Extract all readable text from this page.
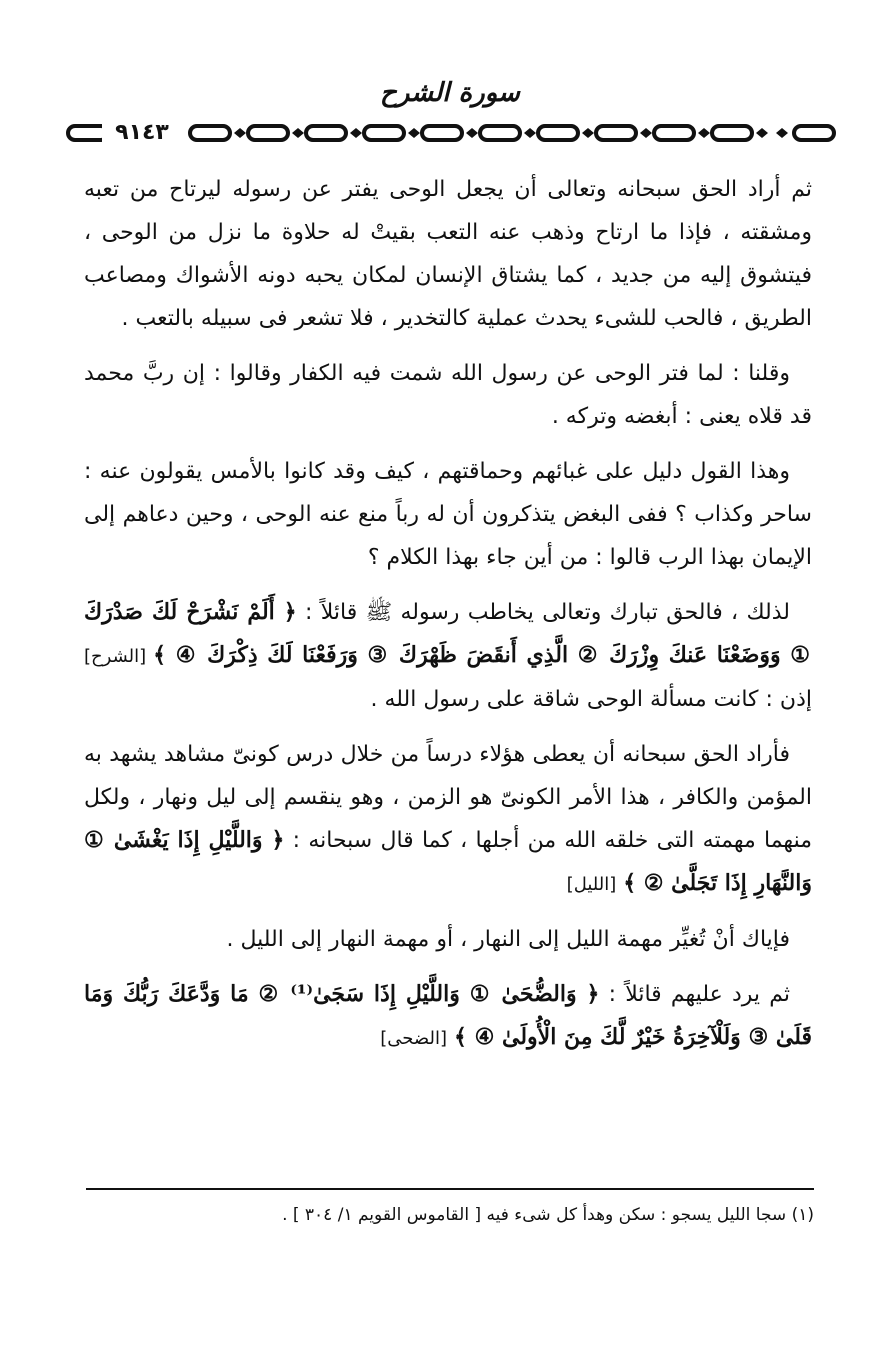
سورة الشرح
٩١٤٣

ثم أراد الحق سبحانه وتعالى أن يجعل الوحى يفتر عن رسوله ليرتاح من تعبه ومشقته ، فإذا ما ارتاح وذهب عنه التعب بقيتْ له حلاوة ما نزل من الوحى ، فيتشوق إليه من جديد ، كما يشتاق الإنسان لمكان يحبه دونه الأشواك ومصاعب الطريق ، فالحب للشىء يحدث عملية كالتخدير ، فلا تشعر فى سبيله بالتعب .

وقلنا : لما فتر الوحى عن رسول الله شمت فيه الكفار وقالوا : إن ربَّ محمد قد قلاه يعنى : أبغضه وتركه .

وهذا القول دليل على غبائهم وحماقتهم ، كيف وقد كانوا بالأمس يقولون عنه : ساحر وكذاب ؟ ففى البغض يتذكرون أن له رباً منع عنه الوحى ، وحين دعاهم إلى الإيمان بهذا الرب قالوا : من أين جاء بهذا الكلام ؟

لذلك ، فالحق تبارك وتعالى يخاطب رسوله ﷺ قائلاً : ﴿ أَلَمْ نَشْرَحْ لَكَ صَدْرَكَ ① وَوَضَعْنَا عَنكَ وِزْرَكَ ② الَّذِي أَنقَضَ ظَهْرَكَ ③ وَرَفَعْنَا لَكَ ذِكْرَكَ ④ ﴾ [الشرح] إذن : كانت مسألة الوحى شاقة على رسول الله .

فأراد الحق سبحانه أن يعطى هؤلاء درساً من خلال درس كونىّ مشاهد يشهد به المؤمن والكافر ، هذا الأمر الكونىّ هو الزمن ، وهو ينقسم إلى ليل ونهار ، ولكل منهما مهمته التى خلقه الله من أجلها ، كما قال سبحانه : ﴿ وَاللَّيْلِ إِذَا يَغْشَىٰ ① وَالنَّهَارِ إِذَا تَجَلَّىٰ ② ﴾ [الليل]

فإياك أنْ تُغيِّر مهمة الليل إلى النهار ، أو مهمة النهار إلى الليل .

ثم يرد عليهم قائلاً : ﴿ وَالضُّحَىٰ ① وَاللَّيْلِ إِذَا سَجَىٰ⁽¹⁾ ② مَا وَدَّعَكَ رَبُّكَ وَمَا قَلَىٰ ③ وَلَلْآخِرَةُ خَيْرٌ لَّكَ مِنَ الْأُولَىٰ ④ ﴾ [الضحى]

(١) سجا الليل يسجو : سكن وهدأ كل شىء فيه [ القاموس القويم ١/ ٣٠٤ ] .
